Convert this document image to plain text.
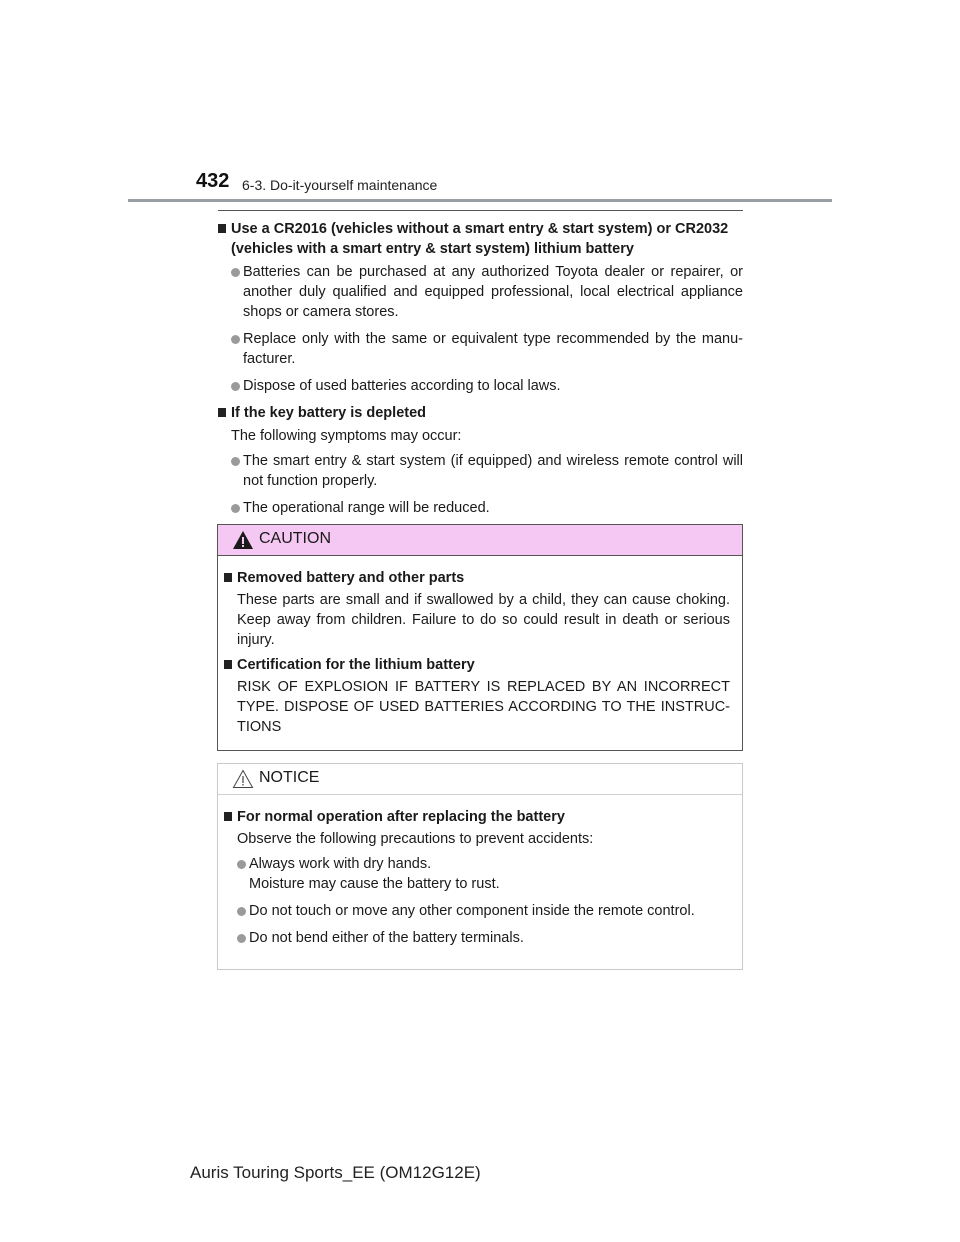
432 6-3. Do-it-yourself maintenance
Use a CR2016 (vehicles without a smart entry & start system) or CR2032 (vehicles with a smart entry & start system) lithium battery
Batteries can be purchased at any authorized Toyota dealer or repairer, or another duly qualified and equipped professional, local electrical appliance shops or camera stores.
Replace only with the same or equivalent type recommended by the manu-facturer.
Dispose of used batteries according to local laws.
If the key battery is depleted
The following symptoms may occur:
The smart entry & start system (if equipped) and wireless remote control will not function properly.
The operational range will be reduced.
CAUTION
Removed battery and other parts
These parts are small and if swallowed by a child, they can cause choking. Keep away from children. Failure to do so could result in death or serious injury.
Certification for the lithium battery
RISK OF EXPLOSION IF BATTERY IS REPLACED BY AN INCORRECT TYPE. DISPOSE OF USED BATTERIES ACCORDING TO THE INSTRUC-TIONS
NOTICE
For normal operation after replacing the battery
Observe the following precautions to prevent accidents:
Always work with dry hands.
Moisture may cause the battery to rust.
Do not touch or move any other component inside the remote control.
Do not bend either of the battery terminals.
Auris Touring Sports_EE (OM12G12E)
